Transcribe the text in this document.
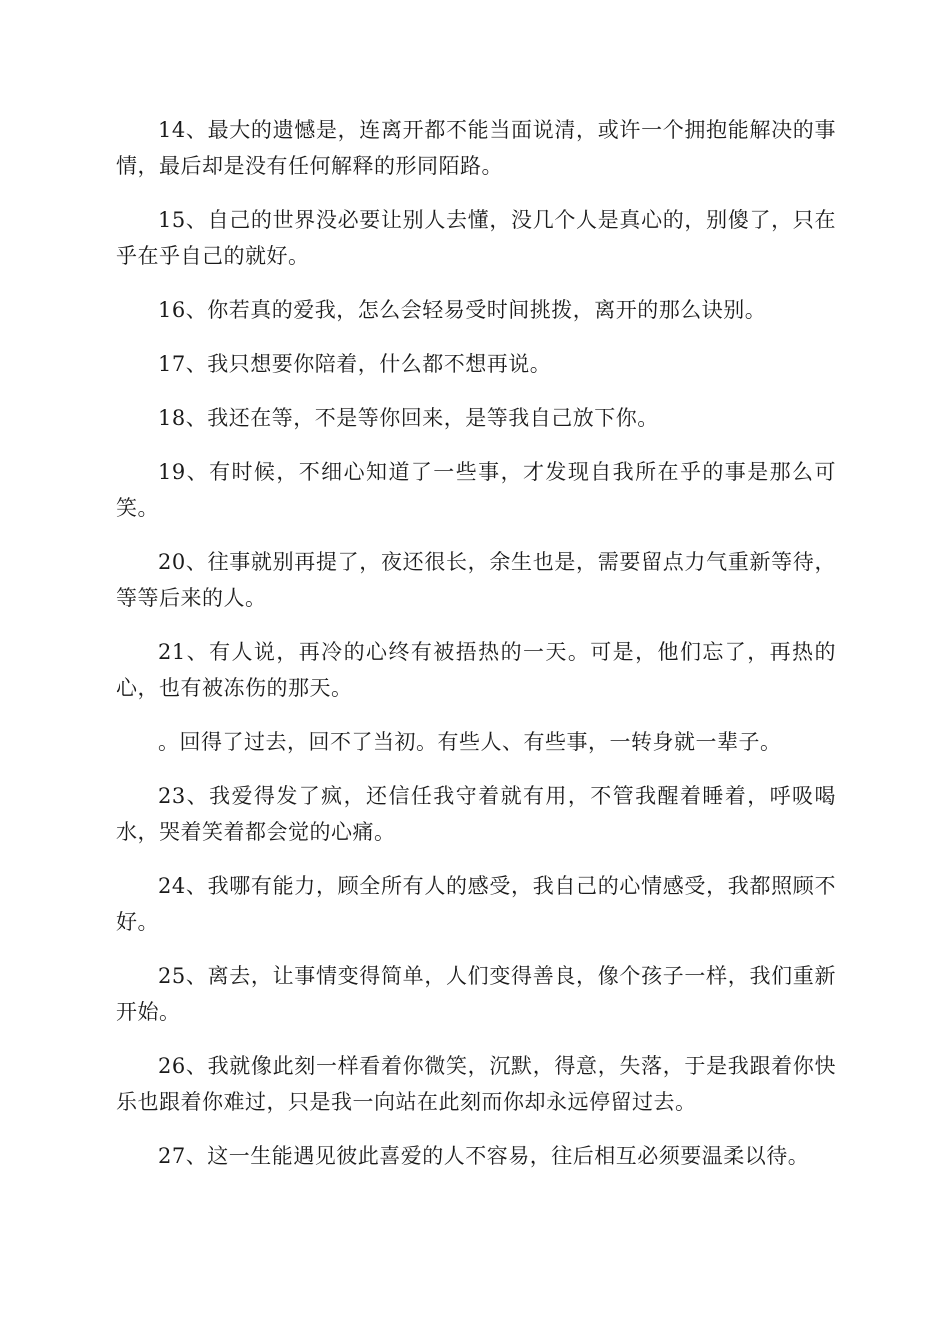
14、最大的遗憾是，连离开都不能当面说清，或许一个拥抱能解决的事情，最后却是没有任何解释的形同陌路。

15、自己的世界没必要让别人去懂，没几个人是真心的，别傻了，只在乎在乎自己的就好。

16、你若真的爱我，怎么会轻易受时间挑拨，离开的那么诀别。

17、我只想要你陪着，什么都不想再说。

18、我还在等，不是等你回来，是等我自己放下你。

19、有时候，不细心知道了一些事，才发现自我所在乎的事是那么可笑。

20、往事就别再提了，夜还很长，余生也是，需要留点力气重新等待，等等后来的人。

21、有人说，再冷的心终有被捂热的一天。可是，他们忘了，再热的心，也有被冻伤的那天。

。回得了过去，回不了当初。有些人、有些事，一转身就一辈子。

23、我爱得发了疯，还信任我守着就有用，不管我醒着睡着，呼吸喝水，哭着笑着都会觉的心痛。

24、我哪有能力，顾全所有人的感受，我自己的心情感受，我都照顾不好。

25、离去，让事情变得简单，人们变得善良，像个孩子一样，我们重新开始。

26、我就像此刻一样看着你微笑，沉默，得意，失落，于是我跟着你快乐也跟着你难过，只是我一向站在此刻而你却永远停留过去。

27、这一生能遇见彼此喜爱的人不容易，往后相互必须要温柔以待。
